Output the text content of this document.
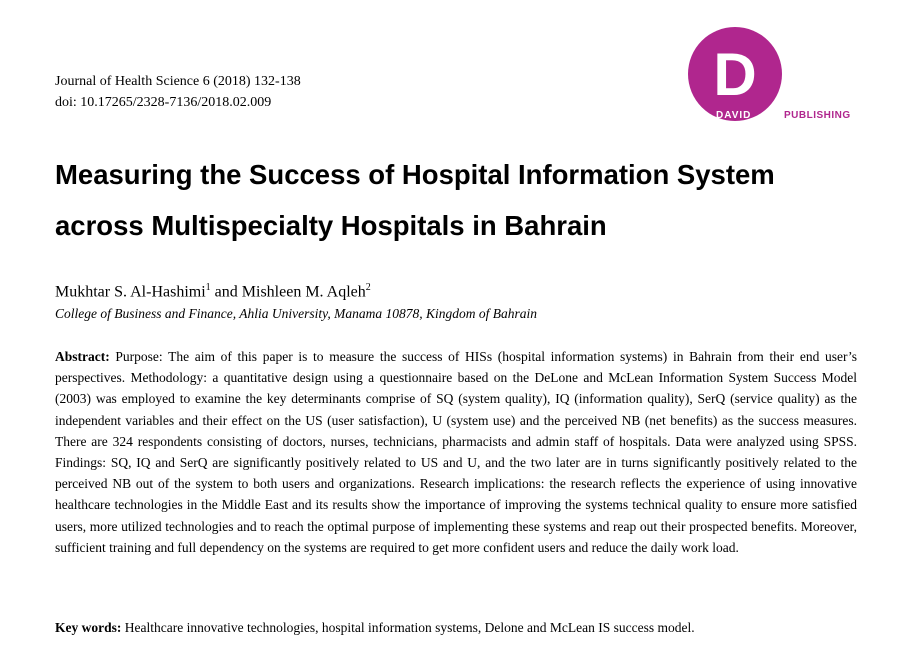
Journal of Health Science 6 (2018) 132-138
doi: 10.17265/2328-7136/2018.02.009	D
DAVID	PUBLISHING
Measuring the Success of Hospital Information System
across Multispecialty Hospitals in Bahrain
Mukhtar S. Al-Hashimi$^1$ and Mishleen M. Aqleh$^2$
College of Business and Finance, Ahlia University, Manama 10878, Kingdom of Bahrain

Abstract: Purpose: The aim of this paper is to measure the success of HISs (hospital information systems) in Bahrain from their end user’s perspectives. Methodology: a quantitative design using a questionnaire based on the DeLone and McLean Information System Success Model (2003) was employed to examine the key determinants comprise of SQ (system quality), IQ (information quality), SerQ (service quality) as the independent variables and their effect on the US (user satisfaction), U (system use) and the perceived NB (net benefits) as the success measures. There are 324 respondents consisting of doctors, nurses, technicians, pharmacists and admin staff of hospitals. Data were analyzed using SPSS. Findings: SQ, IQ and SerQ are significantly positively related to US and U, and the two later are in turns significantly positively related to the perceived NB out of the system to both users and organizations. Research implications: the research reflects the experience of using innovative healthcare technologies in the Middle East and its results show the importance of improving the systems technical quality to ensure more satisfied users, more utilized technologies and to reach the optimal purpose of implementing these systems and reap out their prospected benefits. Moreover, sufficient training and full dependency on the systems are required to get more confident users and reduce the daily work load.

Key words: Healthcare innovative technologies, hospital information systems, Delone and McLean IS success model.
